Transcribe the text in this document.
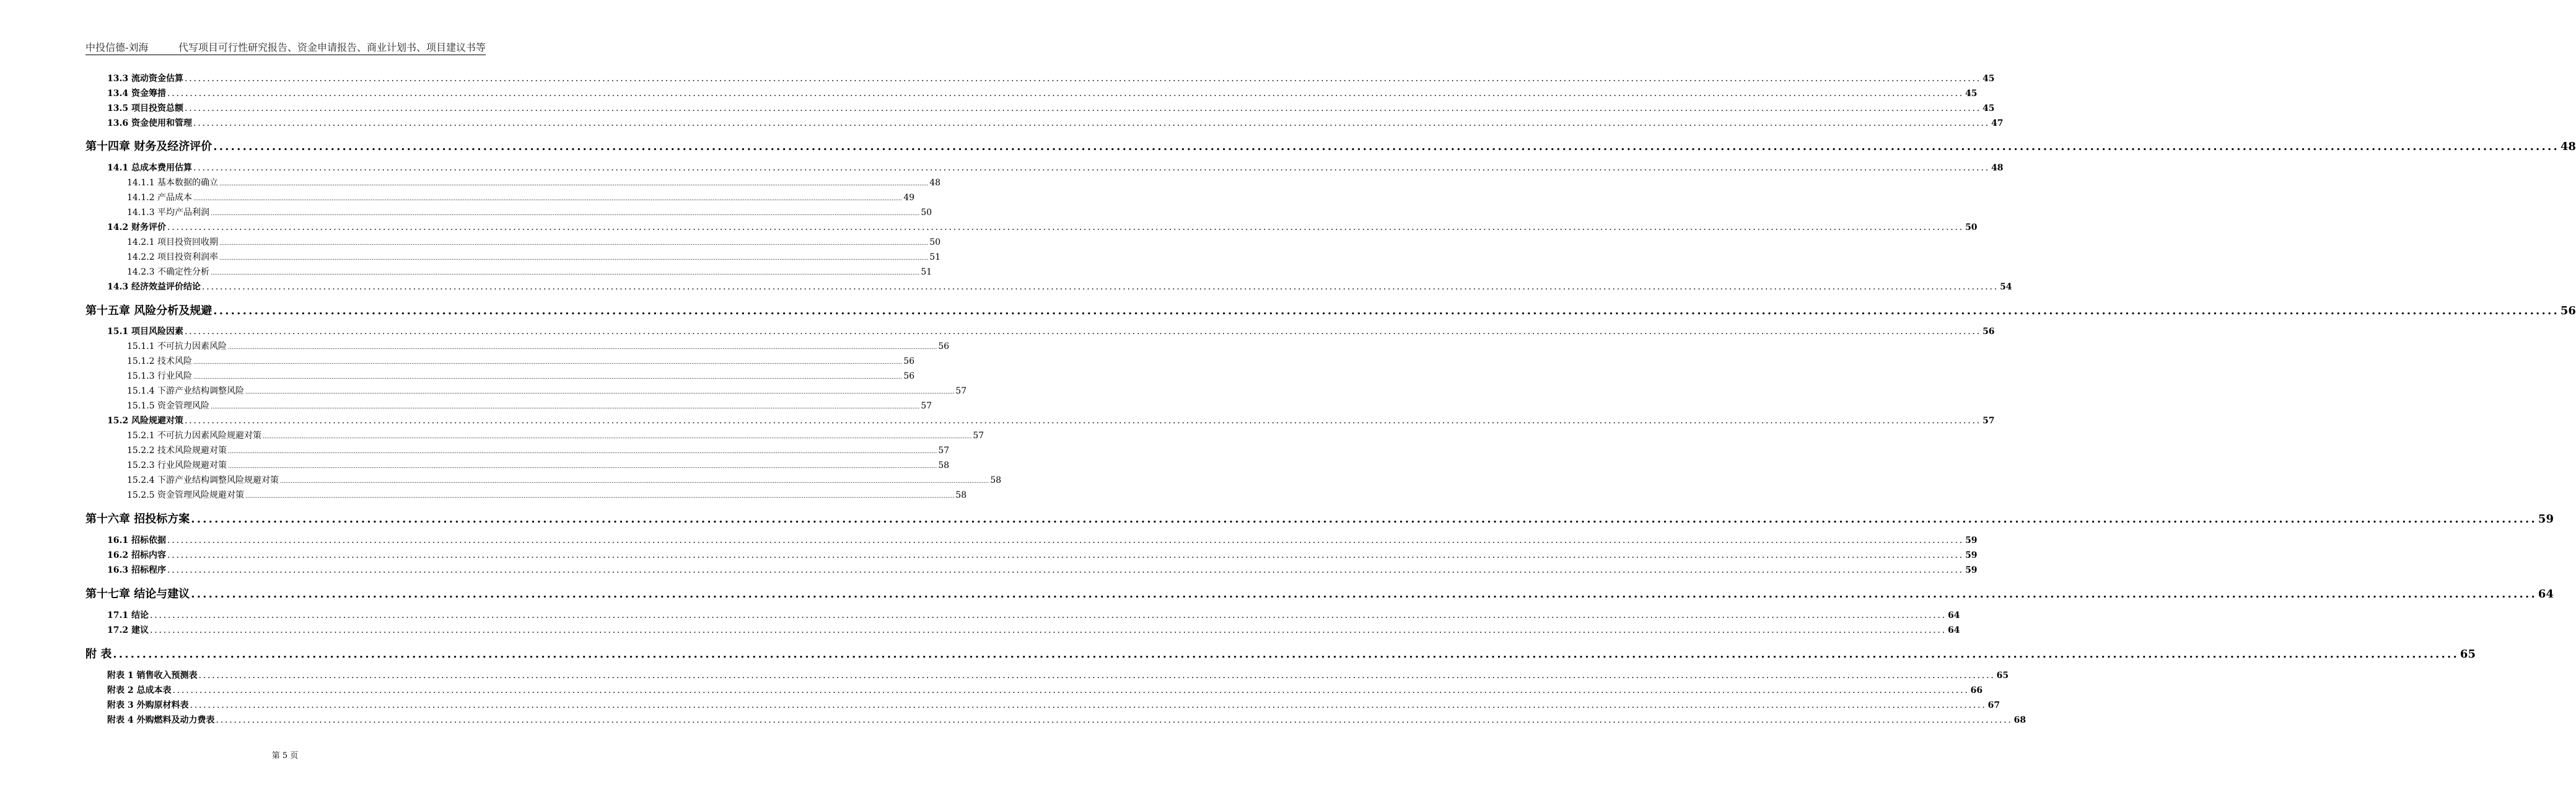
中投信德-刘海	代写项目可行性研究报告、资金申请报告、商业计划书、项目建议书等
13.3 流动资金估算 ................................................................................................................................................................................................................................................................................................................................................................................................................ 45
13.4 资金筹措 ................................................................................................................................................................................................................................................................................................................................................................................................................ 45
13.5 项目投资总额 ................................................................................................................................................................................................................................................................................................................................................................................................................ 45
13.6 资金使用和管理 ................................................................................................................................................................................................................................................................................................................................................................................................................ 47
第十四章 财务及经济评价 ................................................................................................................................................................................................................................................................................................................................................................................................................ 48
14.1 总成本费用估算 ................................................................................................................................................................................................................................................................................................................................................................................................................ 48
14.1.1 基本数据的确立 ................................................................................................................................................................................................................................................................................................................................................................................................................ 48
14.1.2 产品成本 ................................................................................................................................................................................................................................................................................................................................................................................................................ 49
14.1.3 平均产品利润 ................................................................................................................................................................................................................................................................................................................................................................................................................ 50
14.2 财务评价 ................................................................................................................................................................................................................................................................................................................................................................................................................ 50
14.2.1 项目投资回收期 ................................................................................................................................................................................................................................................................................................................................................................................................................ 50
14.2.2 项目投资利润率 ................................................................................................................................................................................................................................................................................................................................................................................................................ 51
14.2.3 不确定性分析 ................................................................................................................................................................................................................................................................................................................................................................................................................ 51
14.3 经济效益评价结论 ................................................................................................................................................................................................................................................................................................................................................................................................................ 54
第十五章 风险分析及规避 ................................................................................................................................................................................................................................................................................................................................................................................................................ 56
15.1 项目风险因素 ................................................................................................................................................................................................................................................................................................................................................................................................................ 56
15.1.1 不可抗力因素风险 ................................................................................................................................................................................................................................................................................................................................................................................................................ 56
15.1.2 技术风险 ................................................................................................................................................................................................................................................................................................................................................................................................................ 56
15.1.3 行业风险 ................................................................................................................................................................................................................................................................................................................................................................................................................ 56
15.1.4 下游产业结构调整风险 ................................................................................................................................................................................................................................................................................................................................................................................................................ 57
15.1.5 资金管理风险 ................................................................................................................................................................................................................................................................................................................................................................................................................ 57
15.2 风险规避对策 ................................................................................................................................................................................................................................................................................................................................................................................................................ 57
15.2.1 不可抗力因素风险规避对策 ................................................................................................................................................................................................................................................................................................................................................................................................................ 57
15.2.2 技术风险规避对策 ................................................................................................................................................................................................................................................................................................................................................................................................................ 57
15.2.3 行业风险规避对策 ................................................................................................................................................................................................................................................................................................................................................................................................................ 58
15.2.4 下游产业结构调整风险规避对策 ................................................................................................................................................................................................................................................................................................................................................................................................................ 58
15.2.5 资金管理风险规避对策 ................................................................................................................................................................................................................................................................................................................................................................................................................ 58
第十六章 招投标方案 ................................................................................................................................................................................................................................................................................................................................................................................................................ 59
16.1 招标依据 ................................................................................................................................................................................................................................................................................................................................................................................................................ 59
16.2 招标内容 ................................................................................................................................................................................................................................................................................................................................................................................................................ 59
16.3 招标程序 ................................................................................................................................................................................................................................................................................................................................................................................................................ 59
第十七章 结论与建议 ................................................................................................................................................................................................................................................................................................................................................................................................................ 64
17.1 结论 ................................................................................................................................................................................................................................................................................................................................................................................................................ 64
17.2 建议 ................................................................................................................................................................................................................................................................................................................................................................................................................ 64
附 表 ................................................................................................................................................................................................................................................................................................................................................................................................................ 65
附表 1 销售收入预测表 ................................................................................................................................................................................................................................................................................................................................................................................................................ 65
附表 2 总成本表 ................................................................................................................................................................................................................................................................................................................................................................................................................ 66
附表 3 外购原材料表 ................................................................................................................................................................................................................................................................................................................................................................................................................ 67
附表 4 外购燃料及动力费表 ................................................................................................................................................................................................................................................................................................................................................................................................................ 68
第 5 页
